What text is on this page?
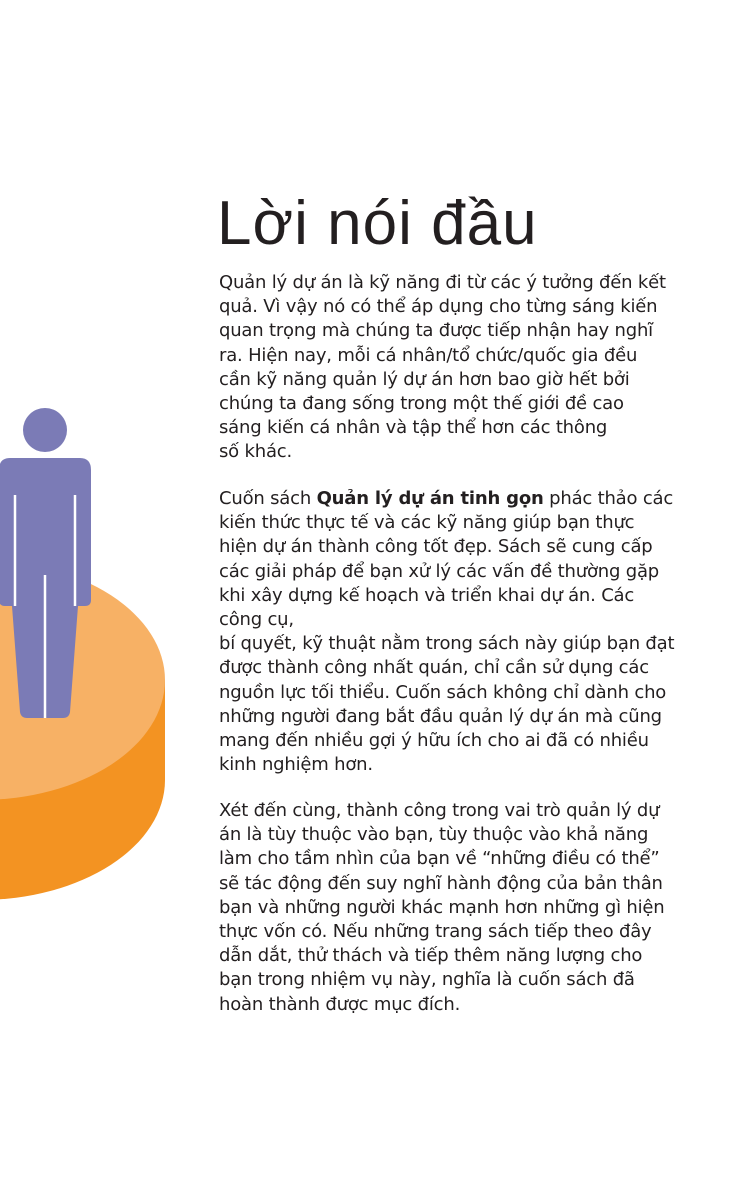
Lời nói đầu
Quản lý dự án là kỹ năng đi từ các ý tưởng đến kết
quả. Vì vậy nó có thể áp dụng cho từng sáng kiến
quan trọng mà chúng ta được tiếp nhận hay nghĩ
ra. Hiện nay, mỗi cá nhân/tổ chức/quốc gia đều
cần kỹ năng quản lý dự án hơn bao giờ hết bởi
chúng ta đang sống trong một thế giới đề cao
sáng kiến cá nhân và tập thể hơn các thông
số khác.
Cuốn sách Quản lý dự án tinh gọn phác thảo các
kiến thức thực tế và các kỹ năng giúp bạn thực
hiện dự án thành công tốt đẹp. Sách sẽ cung cấp
các giải pháp để bạn xử lý các vấn đề thường gặp
khi xây dựng kế hoạch và triển khai dự án. Các
công cụ,
bí quyết, kỹ thuật nằm trong sách này giúp bạn đạt
được thành công nhất quán, chỉ cần sử dụng các
nguồn lực tối thiểu. Cuốn sách không chỉ dành cho
những người đang bắt đầu quản lý dự án mà cũng
mang đến nhiều gợi ý hữu ích cho ai đã có nhiều
kinh nghiệm hơn.
Xét đến cùng, thành công trong vai trò quản lý dự
án là tùy thuộc vào bạn, tùy thuộc vào khả năng
làm cho tầm nhìn của bạn về “những điều có thể”
sẽ tác động đến suy nghĩ hành động của bản thân
bạn và những người khác mạnh hơn những gì hiện
thực vốn có. Nếu những trang sách tiếp theo đây
dẫn dắt, thử thách và tiếp thêm năng lượng cho
bạn trong nhiệm vụ này, nghĩa là cuốn sách đã
hoàn thành được mục đích.
